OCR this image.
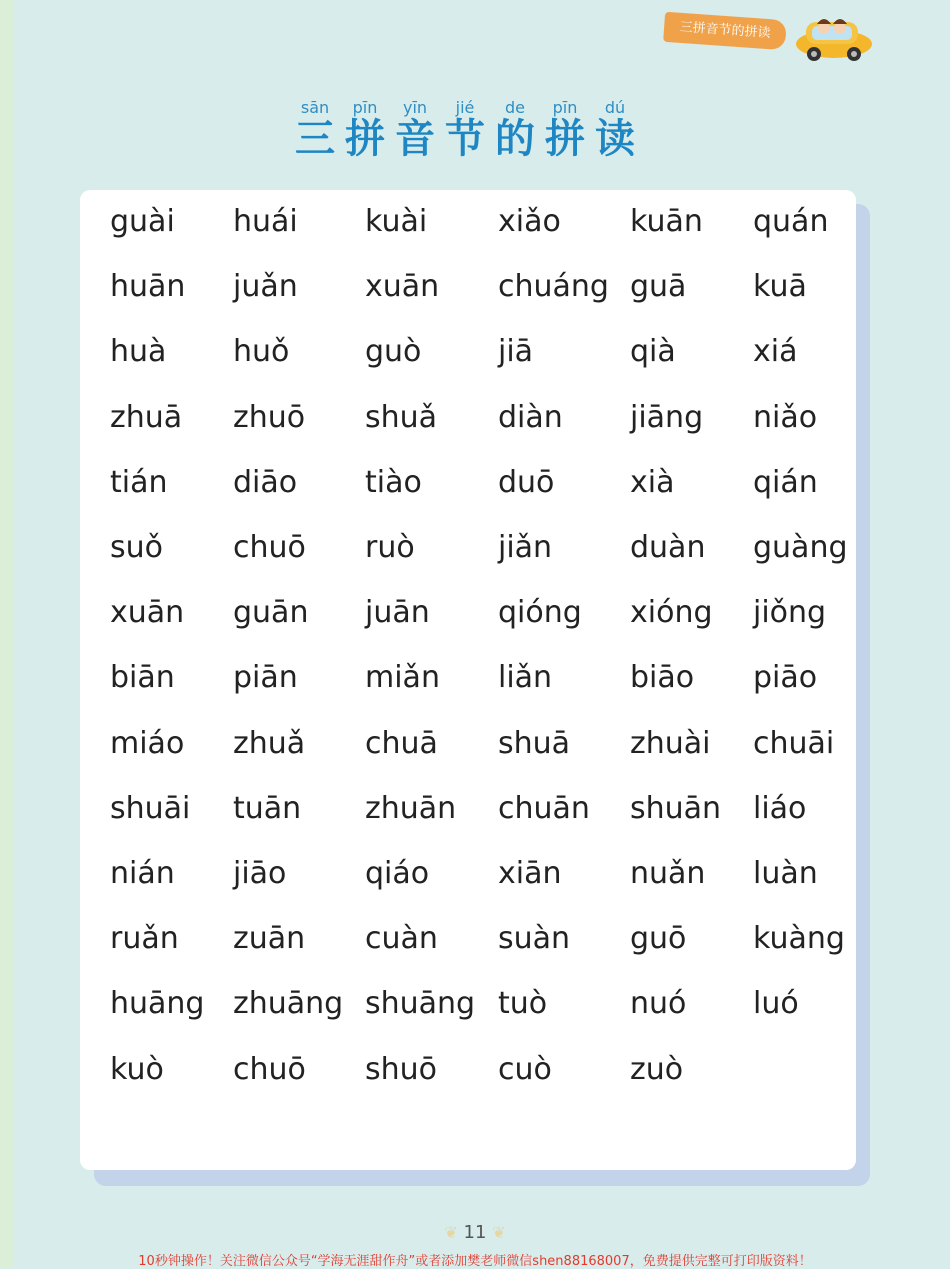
三拼音节的拼读
sān	pīn	yīn	jié	de	pīn	dú
三 拼 音 节 的 拼 读
guài huái kuài xiǎo kuān quán
huān juǎn xuān chuáng guā kuā
huà huǒ	guò	jiā	qià	xiá
zhuā zhuō shuǎ diàn jiāng niǎo
tián diāo tiào	duō	xià	qián
suǒ chuō ruò	jiǎn	duàn guàng
xuān guān juān qióng xióng jiǒng
biān piān miǎn liǎn	biāo piāo
miáo zhuǎ chuā shuā zhuài chuāi
shuāi tuān zhuān chuān shuān liáo
nián jiāo	qiáo xiān nuǎn luàn
ruǎn zuān cuàn suàn guō kuàng
huāng zhuāng shuāng tuò	nuó luó
kuò chuō shuō cuò	zuò
❦ 11 ❦
10秒钟操作！关注微信公众号“学海无涯甜作舟”或者添加樊老师微信shen88168007，免费提供完整可打印版资料！
